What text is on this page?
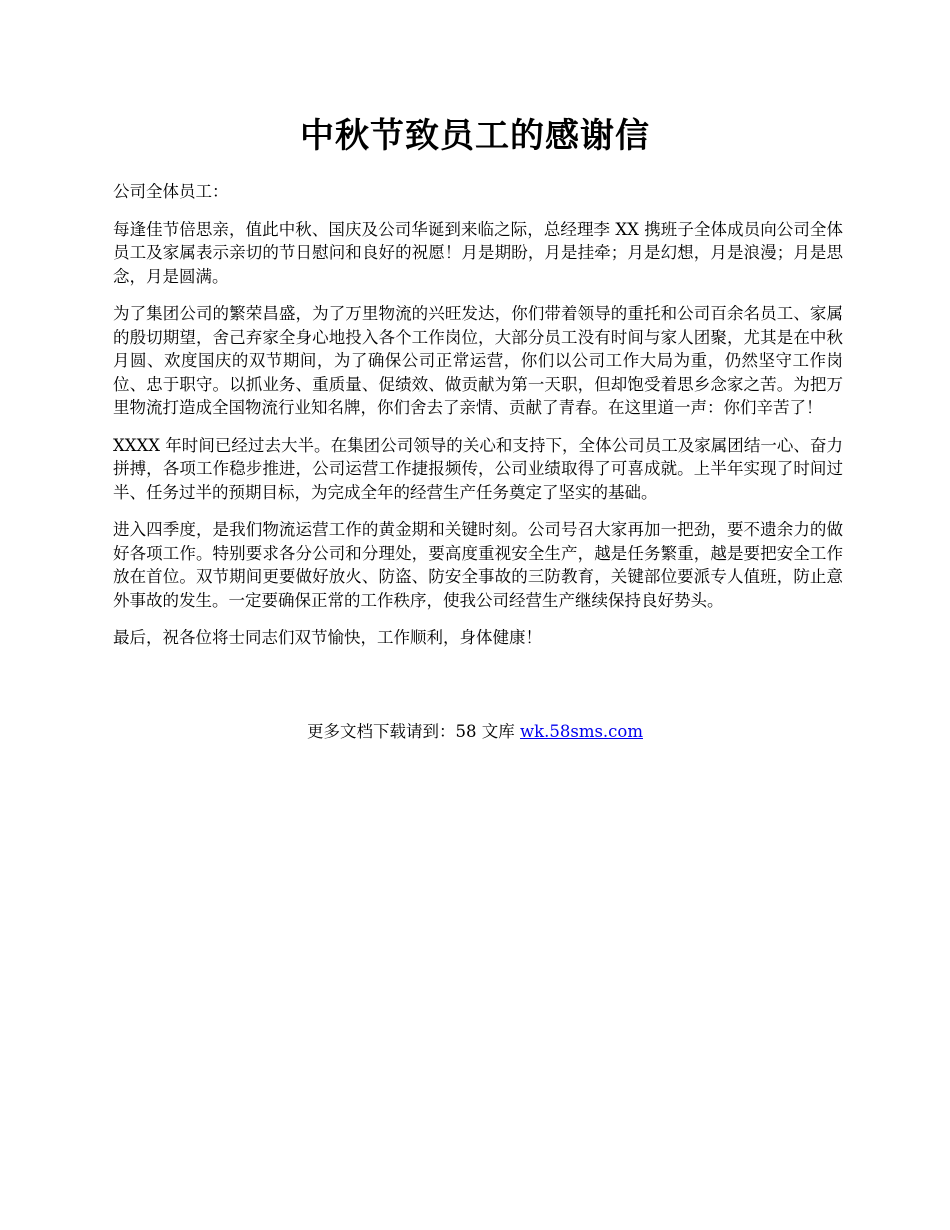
中秋节致员工的感谢信

公司全体员工：

每逢佳节倍思亲，值此中秋、国庆及公司华诞到来临之际，总经理李 XX 携班子全体成员向公司全体员工及家属表示亲切的节日慰问和良好的祝愿！月是期盼，月是挂牵；月是幻想，月是浪漫；月是思念，月是圆满。

为了集团公司的繁荣昌盛，为了万里物流的兴旺发达，你们带着领导的重托和公司百余名员工、家属的殷切期望，舍己弃家全身心地投入各个工作岗位，大部分员工没有时间与家人团聚，尤其是在中秋月圆、欢度国庆的双节期间，为了确保公司正常运营，你们以公司工作大局为重，仍然坚守工作岗位、忠于职守。以抓业务、重质量、促绩效、做贡献为第一天职，但却饱受着思乡念家之苦。为把万里物流打造成全国物流行业知名牌，你们舍去了亲情、贡献了青春。在这里道一声：你们辛苦了！

XXXX 年时间已经过去大半。在集团公司领导的关心和支持下，全体公司员工及家属团结一心、奋力拼搏，各项工作稳步推进，公司运营工作捷报频传，公司业绩取得了可喜成就。上半年实现了时间过半、任务过半的预期目标，为完成全年的经营生产任务奠定了坚实的基础。

进入四季度，是我们物流运营工作的黄金期和关键时刻。公司号召大家再加一把劲，要不遗余力的做好各项工作。特别要求各分公司和分理处，要高度重视安全生产，越是任务繁重，越是要把安全工作放在首位。双节期间更要做好放火、防盗、防安全事故的三防教育，关键部位要派专人值班，防止意外事故的发生。一定要确保正常的工作秩序，使我公司经营生产继续保持良好势头。

最后，祝各位将士同志们双节愉快，工作顺利，身体健康！

更多文档下载请到：58 文库 wk.58sms.com
